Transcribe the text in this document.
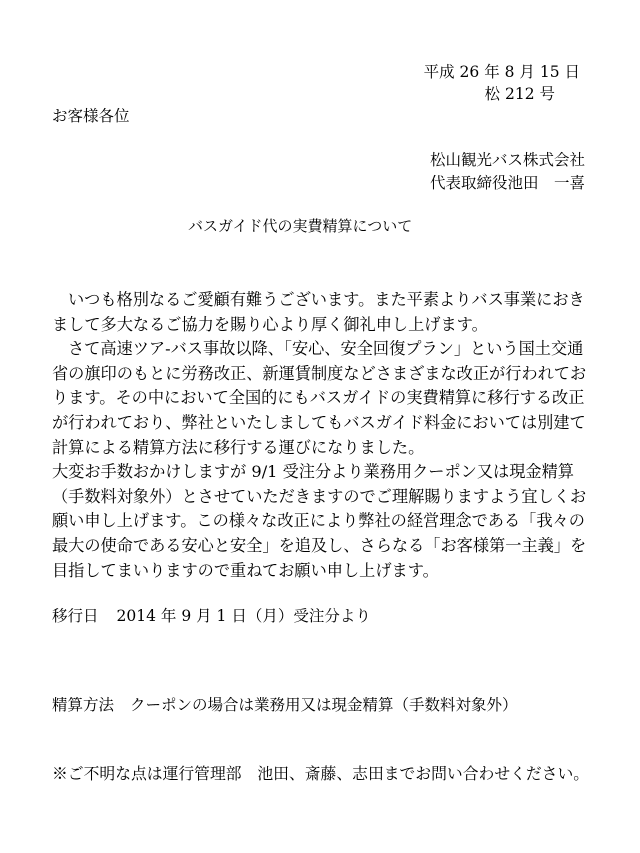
平成 26 年 8 月 15 日
松 212 号
お客様各位
松山観光バス株式会社
代表取締役池田　一喜
バスガイド代の実費精算について

いつも格別なるご愛顧有難うございます。また平素よりバス事業におき

まして多大なるご協力を賜り心より厚く御礼申し上げます。

さて高速ツア-バス事故以降、「安心、安全回復プラン」という国土交通

省の旗印のもとに労務改正、新運賃制度などさまざまな改正が行われてお

ります。その中において全国的にもバスガイドの実費精算に移行する改正

が行われており、弊社といたしましてもバスガイド料金においては別建て

計算による精算方法に移行する運びになりました。

大変お手数おかけしますが 9/1 受注分より業務用クーポン又は現金精算

（手数料対象外）とさせていただきますのでご理解賜りますよう宜しくお

願い申し上げます。この様々な改正により弊社の経営理念である「我々の

最大の使命である安心と安全」を追及し、さらなる「お客様第一主義」を

目指してまいりますので重ねてお願い申し上げます。

移行日 2014 年 9 月 1 日（月）受注分より
精算方法 クーポンの場合は業務用又は現金精算（手数料対象外）
※ご不明な点は運行管理部　池田、斎藤、志田までお問い合わせください。
